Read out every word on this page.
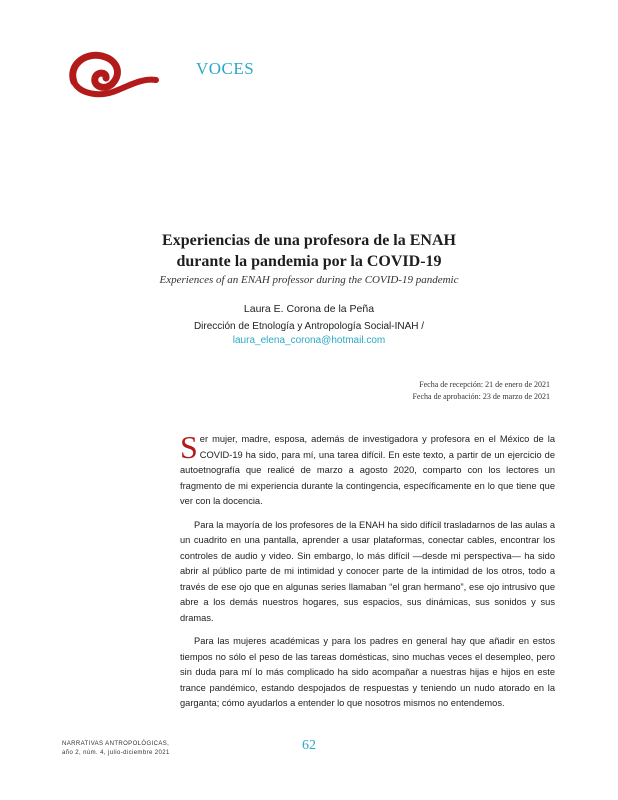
VOCES
Experiencias de una profesora de la ENAH
durante la pandemia por la COVID-19
Experiences of an ENAH professor during the COVID-19 pandemic
Laura E. Corona de la Peña
Dirección de Etnología y Antropología Social-INAH /
laura_elena_corona@hotmail.com
Fecha de recepción: 21 de enero de 2021
Fecha de aprobación: 23 de marzo de 2021

Ser mujer, madre, esposa, además de investigadora y profesora en el México de la COVID-19 ha sido, para mí, una tarea difícil. En este texto, a partir de un ejercicio de autoetnografía que realicé de marzo a agosto 2020, comparto con los lectores un fragmento de mi experiencia durante la contingencia, específicamente en lo que tiene que ver con la docencia.

Para la mayoría de los profesores de la ENAH ha sido difícil trasladarnos de las aulas a un cuadrito en una pantalla, aprender a usar plataformas, conectar cables, encontrar los controles de audio y video. Sin embargo, lo más difícil —desde mi perspectiva— ha sido abrir al público parte de mi intimidad y conocer parte de la intimidad de los otros, todo a través de ese ojo que en algunas series llamaban “el gran hermano”, ese ojo intrusivo que abre a los demás nuestros hogares, sus espacios, sus dinámicas, sus sonidos y sus dramas.

Para las mujeres académicas y para los padres en general hay que añadir en estos tiempos no sólo el peso de las tareas domésticas, sino muchas veces el desempleo, pero sin duda para mí lo más complicado ha sido acompañar a nuestras hijas e hijos en este trance pandémico, estando despojados de respuestas y teniendo un nudo atorado en la garganta; cómo ayudarlos a entender lo que nosotros mismos no entendemos.

NARRATIVAS ANTROPOLÓGICAS,
año 2, núm. 4, julio-diciembre 2021	62
